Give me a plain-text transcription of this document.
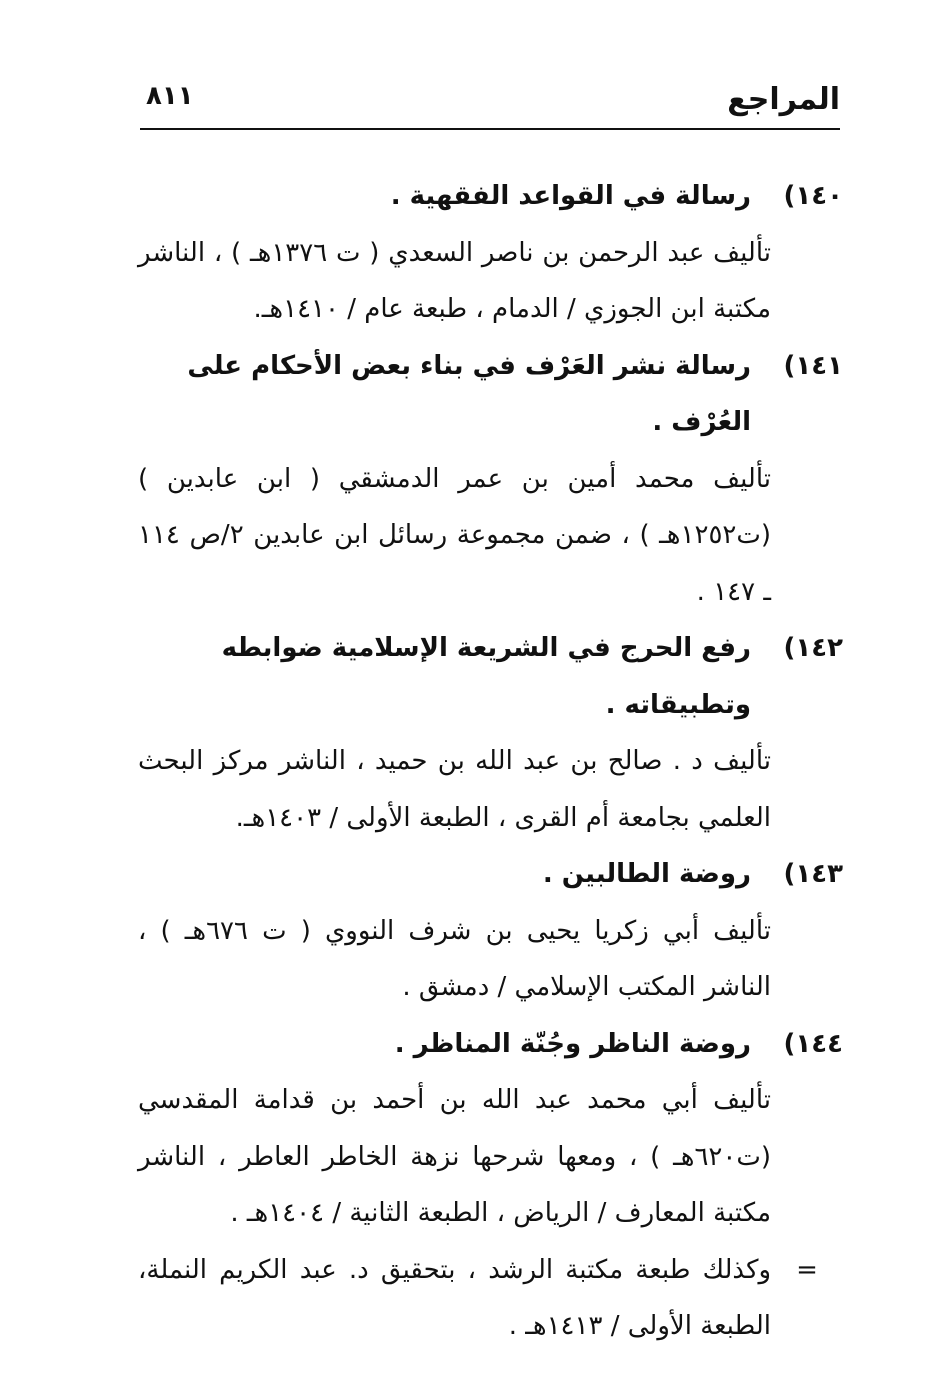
المراجع
٨١١
١٤٠)
رسالة في القواعد الفقهية .
تأليف عبد الرحمن بن ناصر السعدي ( ت ١٣٧٦هـ ) ، الناشر مكتبة ابن الجوزي / الدمام ، طبعة عام / ١٤١٠هـ.
١٤١)
رسالة نشر العَرْف في بناء بعض الأحكام على العُرْف .
تأليف محمد أمين بن عمر الدمشقي ( ابن عابدين ) (ت١٢٥٢هـ ) ، ضمن مجموعة رسائل ابن عابدين ٢/ص ١١٤ ـ ١٤٧ .
١٤٢)
رفع الحرج في الشريعة الإسلامية ضوابطه وتطبيقاته .
تأليف د . صالح بن عبد الله بن حميد ، الناشر مركز البحث العلمي بجامعة أم القرى ، الطبعة الأولى / ١٤٠٣هـ.
١٤٣)
روضة الطالبين .
تأليف أبي زكريا يحيى بن شرف النووي ( ت ٦٧٦هـ ) ، الناشر المكتب الإسلامي / دمشق .
١٤٤)
روضة الناظر وجُنّة المناظر .
تأليف أبي محمد عبد الله بن أحمد بن قدامة المقدسي (ت٦٢٠هـ ) ، ومعها شرحها نزهة الخاطر العاطر ، الناشر مكتبة المعارف / الرياض ، الطبعة الثانية / ١٤٠٤هـ .
=
وكذلك طبعة مكتبة الرشد ، بتحقيق د. عبد الكريم النملة، الطبعة الأولى / ١٤١٣هـ .
